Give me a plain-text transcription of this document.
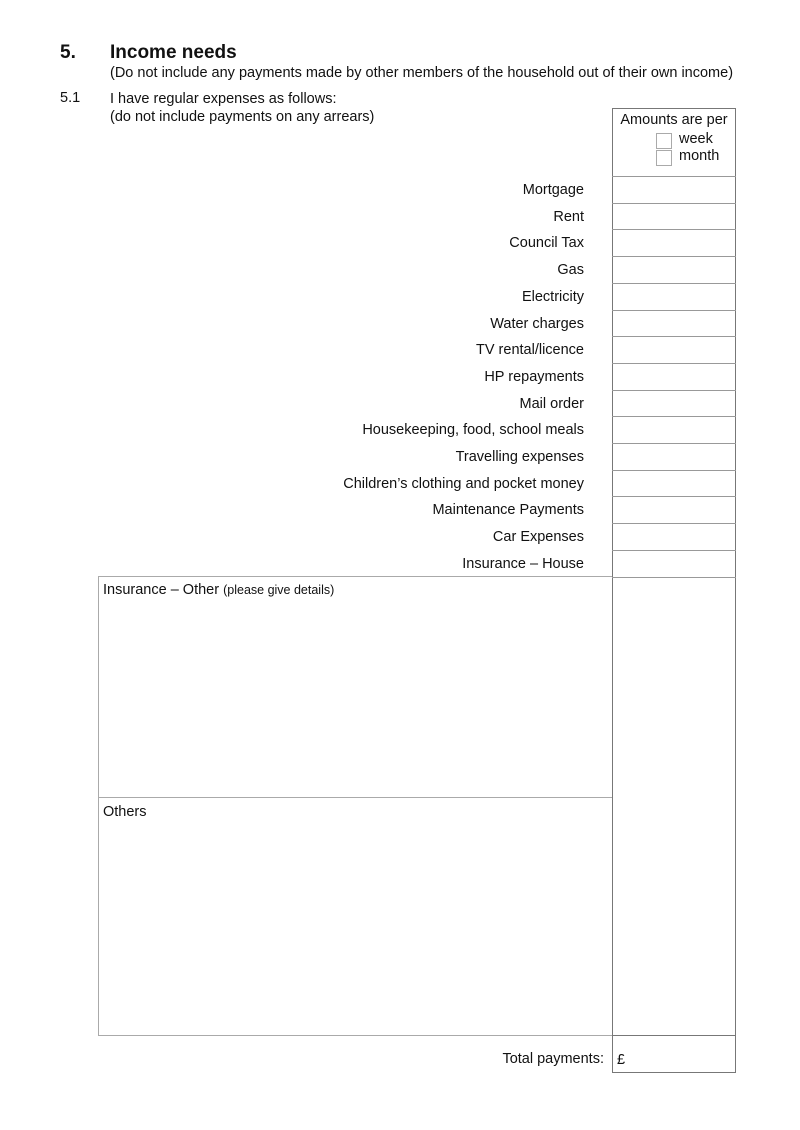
5. Income needs
(Do not include any payments made by other members of the household out of their own income)
5.1 I have regular expenses as follows:
(do not include payments on any arrears)	Amounts are per
week
month
Mortgage
Rent
Council Tax
Gas
Electricity
Water charges
TV rental/licence
HP repayments
Mail order
Housekeeping, food, school meals
Travelling expenses
Children’s clothing and pocket money
Maintenance Payments
Car Expenses
Insurance – House
Insurance – Other (please give details)
Others
Total payments: £
